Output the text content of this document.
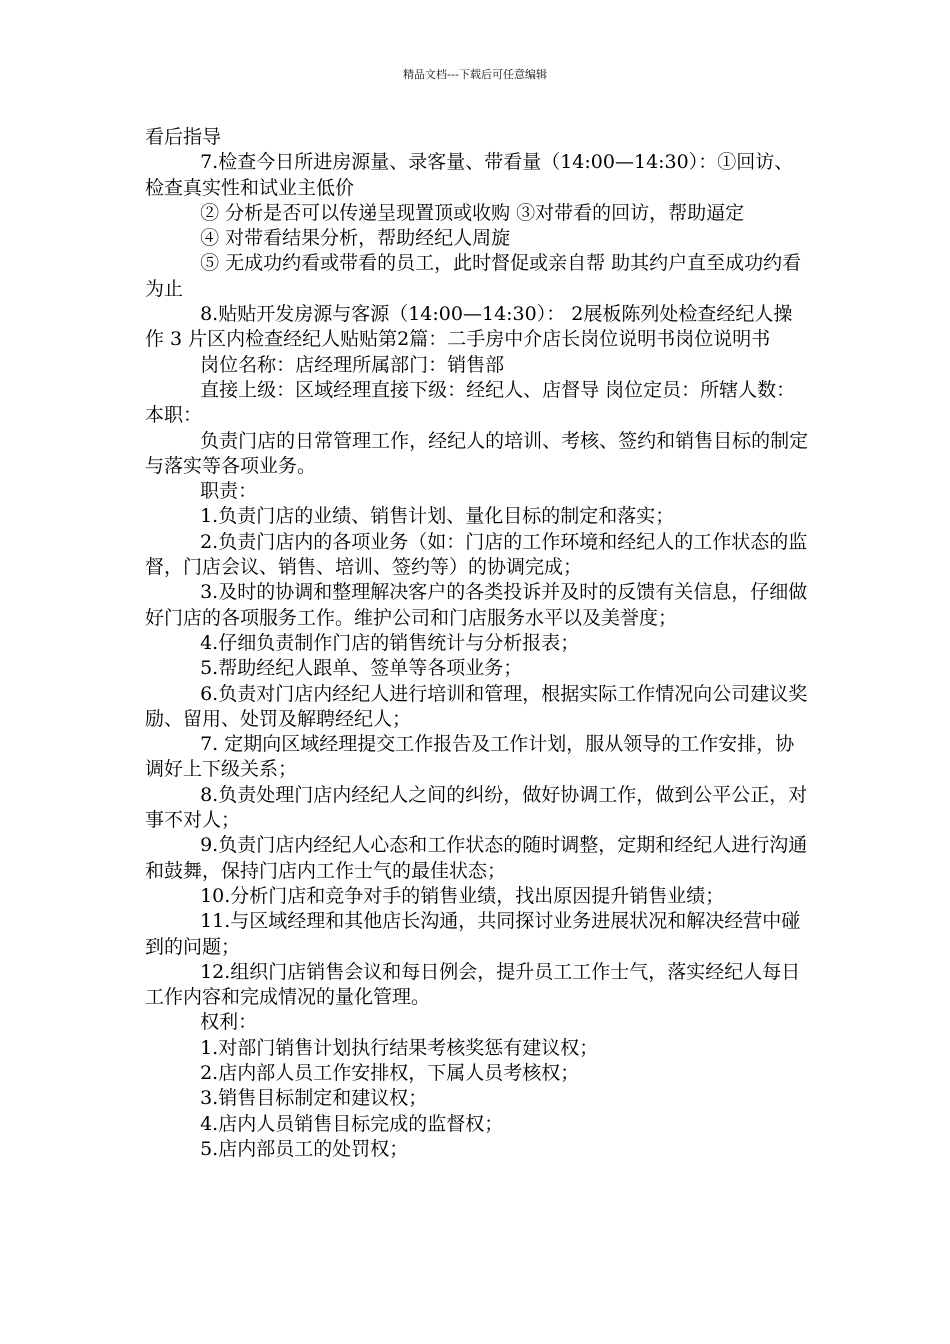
精品文档---下载后可任意编辑

看后指导

7.检查今日所进房源量、录客量、带看量（14:00—14:30）：①回访、检查真实性和试业主低价

② 分析是否可以传递呈现置顶或收购 ③对带看的回访，帮助逼定

④ 对带看结果分析，帮助经纪人周旋

⑤ 无成功约看或带看的员工，此时督促或亲自帮 助其约户直至成功约看为止

8.贴贴开发房源与客源（14:00—14:30）： 2展板陈列处检查经纪人操作 3 片区内检查经纪人贴贴第2篇：二手房中介店长岗位说明书岗位说明书

岗位名称：店经理所属部门：销售部

直接上级：区域经理直接下级：经纪人、店督导 岗位定员：所辖人数： 本职：

负责门店的日常管理工作，经纪人的培训、考核、签约和销售目标的制定与落实等各项业务。

职责：

1.负责门店的业绩、销售计划、量化目标的制定和落实；

2.负责门店内的各项业务（如：门店的工作环境和经纪人的工作状态的监督，门店会议、销售、培训、签约等）的协调完成；

3.及时的协调和整理解决客户的各类投诉并及时的反馈有关信息，仔细做好门店的各项服务工作。维护公司和门店服务水平以及美誉度；

4.仔细负责制作门店的销售统计与分析报表；

5.帮助经纪人跟单、签单等各项业务；

6.负责对门店内经纪人进行培训和管理，根据实际工作情况向公司建议奖励、留用、处罚及解聘经纪人；

7. 定期向区域经理提交工作报告及工作计划，服从领导的工作安排，协调好上下级关系；

8.负责处理门店内经纪人之间的纠纷，做好协调工作，做到公平公正，对事不对人；

9.负责门店内经纪人心态和工作状态的随时调整，定期和经纪人进行沟通和鼓舞，保持门店内工作士气的最佳状态；

10.分析门店和竞争对手的销售业绩，找出原因提升销售业绩；

11.与区域经理和其他店长沟通，共同探讨业务进展状况和解决经营中碰到的问题；

12.组织门店销售会议和每日例会，提升员工工作士气，落实经纪人每日工作内容和完成情况的量化管理。

权利：

1.对部门销售计划执行结果考核奖惩有建议权；

2.店内部人员工作安排权，下属人员考核权；

3.销售目标制定和建议权；

4.店内人员销售目标完成的监督权；

5.店内部员工的处罚权；
